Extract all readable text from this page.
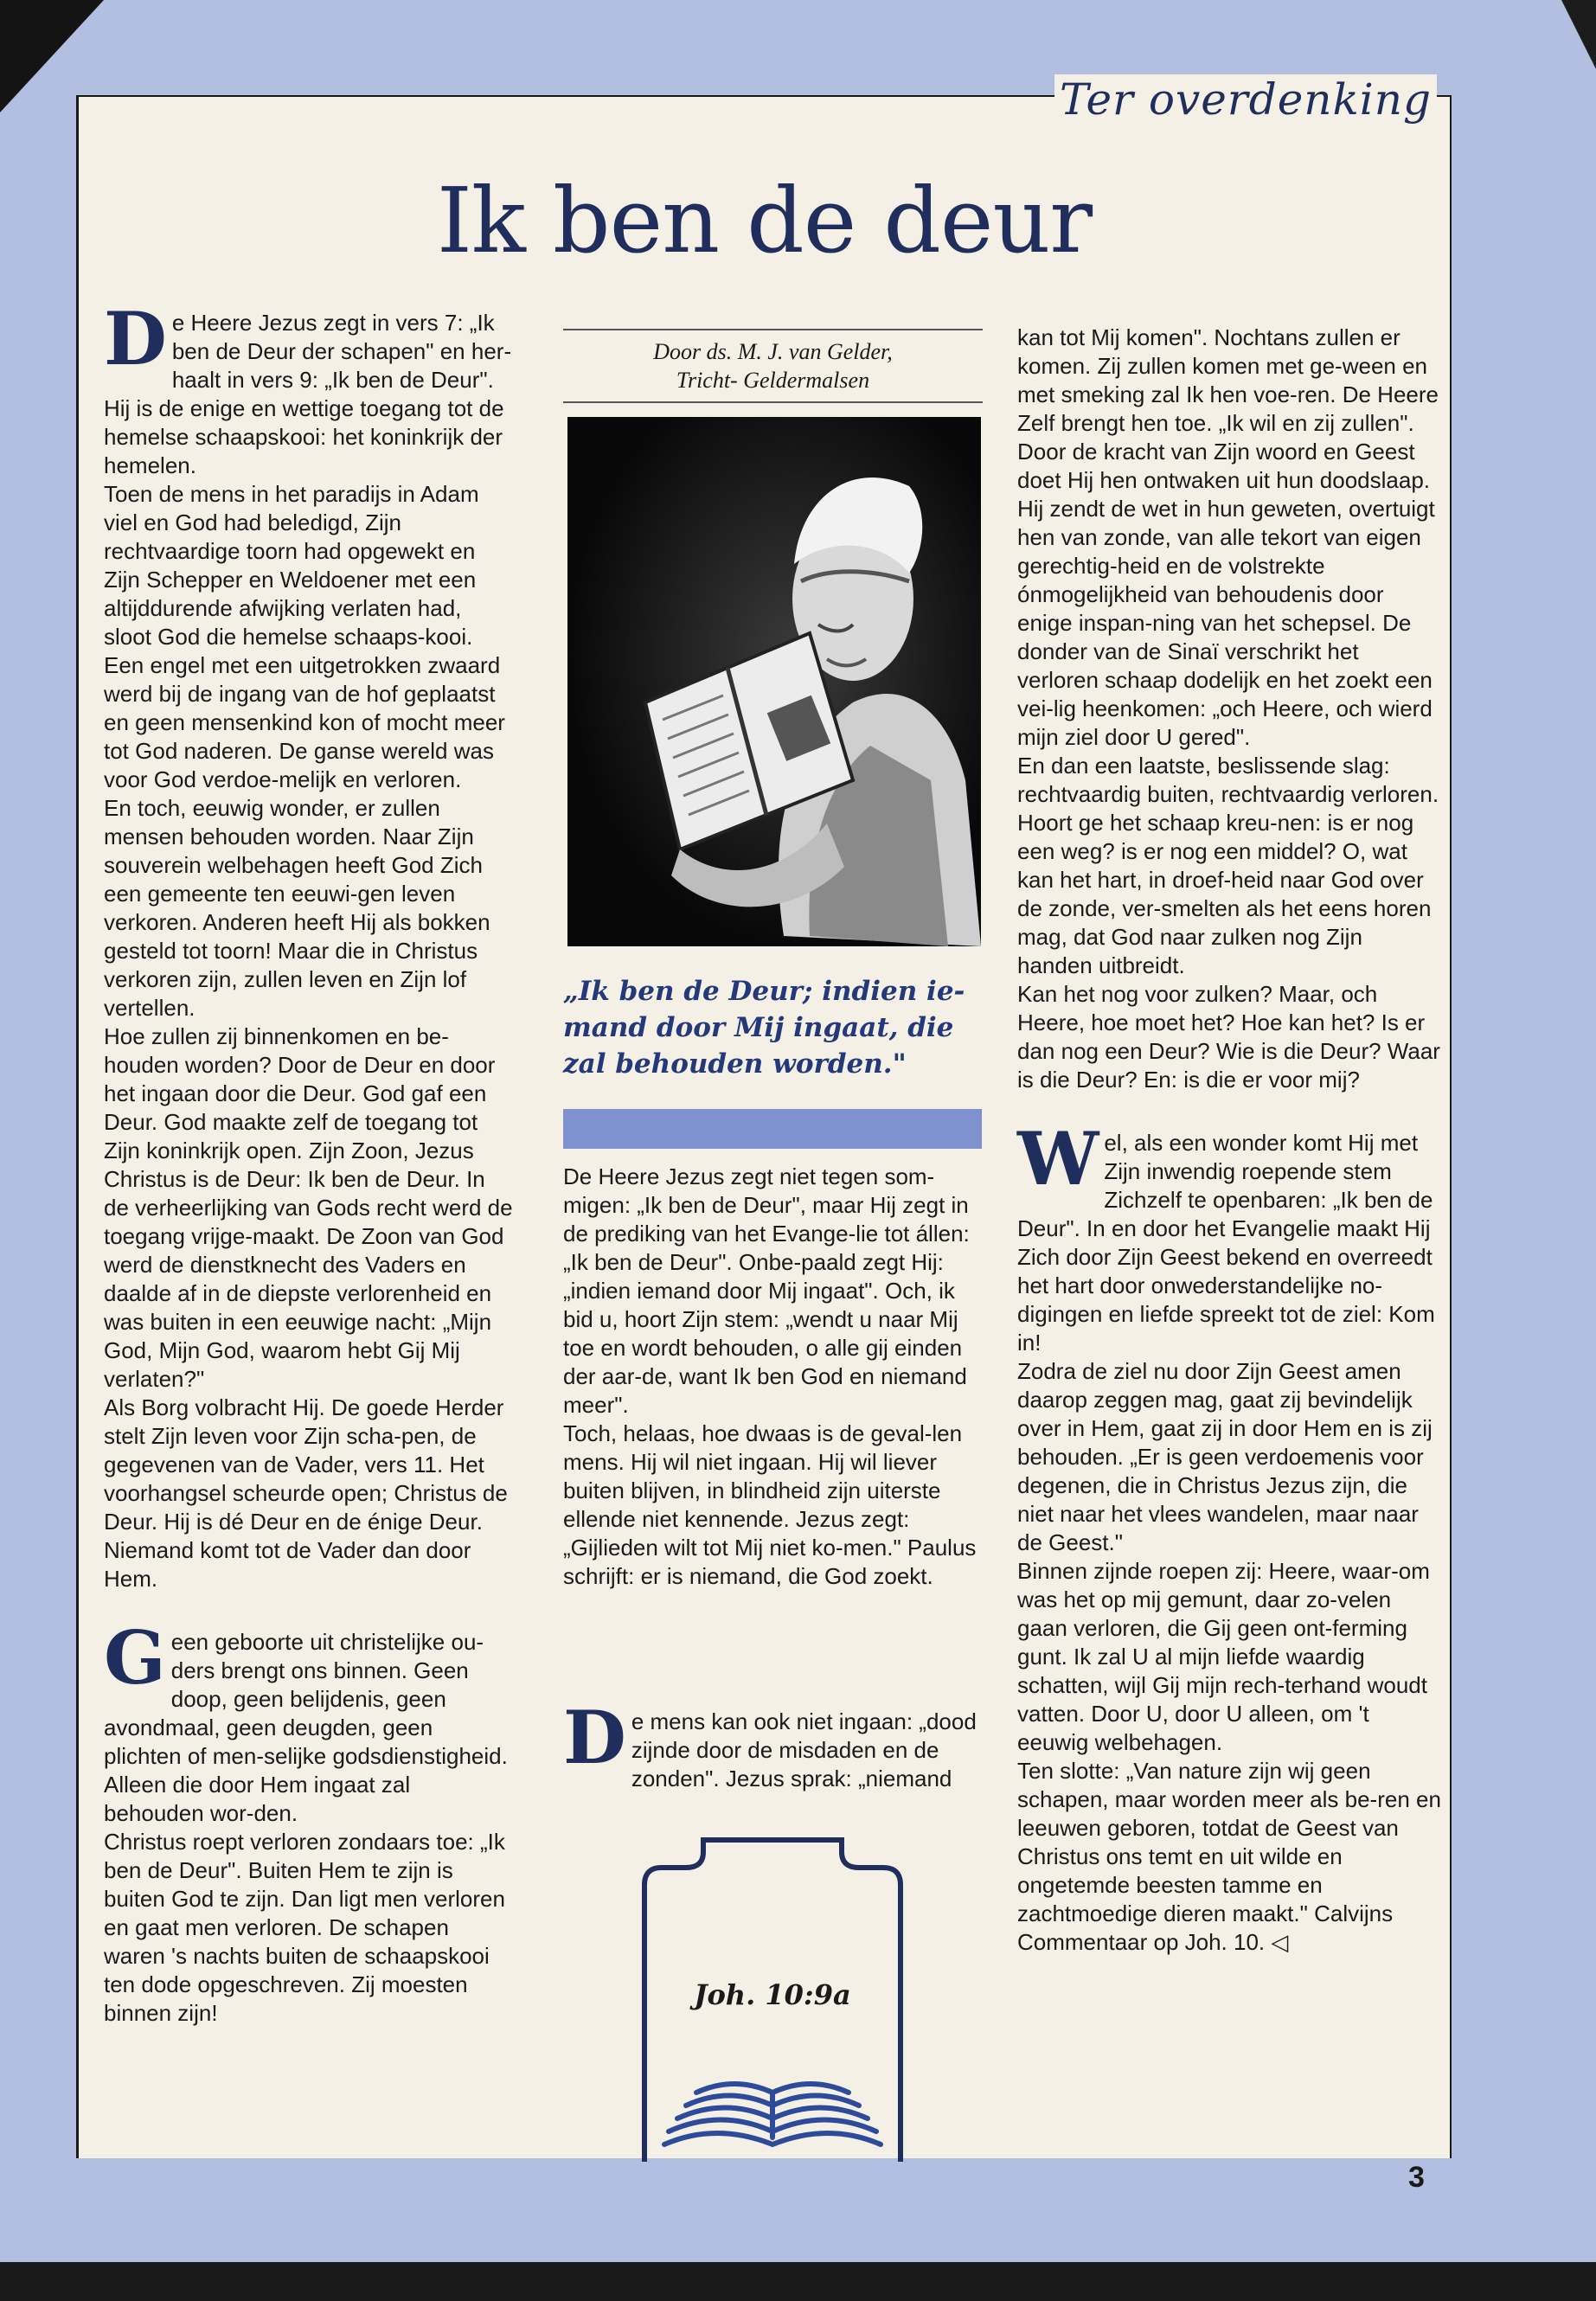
Ter overdenking
Ik ben de deur

De Heere Jezus zegt in vers 7: „Ik ben de Deur der schapen" en her-haalt in vers 9: „Ik ben de Deur". Hij is de enige en wettige toegang tot de hemelse schaapskooi: het koninkrijk der hemelen.

Toen de mens in het paradijs in Adam viel en God had beledigd, Zijn rechtvaardige toorn had opgewekt en Zijn Schepper en Weldoener met een altijddurende afwijking verlaten had, sloot God die hemelse schaaps-kooi. Een engel met een uitgetrokken zwaard werd bij de ingang van de hof geplaatst en geen mensenkind kon of mocht meer tot God naderen. De ganse wereld was voor God verdoe-melijk en verloren.

En toch, eeuwig wonder, er zullen mensen behouden worden. Naar Zijn souverein welbehagen heeft God Zich een gemeente ten eeuwi-gen leven verkoren. Anderen heeft Hij als bokken gesteld tot toorn! Maar die in Christus verkoren zijn, zullen leven en Zijn lof vertellen.

Hoe zullen zij binnenkomen en be-houden worden? Door de Deur en door het ingaan door die Deur. God gaf een Deur. God maakte zelf de toegang tot Zijn koninkrijk open. Zijn Zoon, Jezus Christus is de Deur: Ik ben de Deur. In de verheerlijking van Gods recht werd de toegang vrijge-maakt. De Zoon van God werd de dienstknecht des Vaders en daalde af in de diepste verlorenheid en was buiten in een eeuwige nacht: „Mijn God, Mijn God, waarom hebt Gij Mij verlaten?"

Als Borg volbracht Hij. De goede Herder stelt Zijn leven voor Zijn scha-pen, de gegevenen van de Vader, vers 11. Het voorhangsel scheurde open; Christus de Deur. Hij is dé Deur en de énige Deur. Niemand komt tot de Vader dan door Hem.

Geen geboorte uit christelijke ou-ders brengt ons binnen. Geen doop, geen belijdenis, geen avondmaal, geen deugden, geen plichten of men-selijke godsdienstigheid. Alleen die door Hem ingaat zal behouden wor-den.

Christus roept verloren zondaars toe: „Ik ben de Deur". Buiten Hem te zijn is buiten God te zijn. Dan ligt men verloren en gaat men verloren. De schapen waren 's nachts buiten de schaapskooi ten dode opgeschreven. Zij moesten binnen zijn!

Door ds. M. J. van Gelder,
Tricht- Geldermalsen
„Ik ben de Deur; indien ie-mand door Mij ingaat, die zal behouden worden."

De Heere Jezus zegt niet tegen som-migen: „Ik ben de Deur", maar Hij zegt in de prediking van het Evange-lie tot állen: „Ik ben de Deur". Onbe-paald zegt Hij: „indien iemand door Mij ingaat". Och, ik bid u, hoort Zijn stem: „wendt u naar Mij toe en wordt behouden, o alle gij einden der aar-de, want Ik ben God en niemand meer".

Toch, helaas, hoe dwaas is de geval-len mens. Hij wil niet ingaan. Hij wil liever buiten blijven, in blindheid zijn uiterste ellende niet kennende. Jezus zegt: „Gijlieden wilt tot Mij niet ko-men." Paulus schrijft: er is niemand, die God zoekt.

De mens kan ook niet ingaan: „dood zijnde door de misdaden en de zonden". Jezus sprak: „niemand

Joh. 10:9a

kan tot Mij komen". Nochtans zullen er komen. Zij zullen komen met ge-ween en met smeking zal Ik hen voe-ren. De Heere Zelf brengt hen toe. „Ik wil en zij zullen".

Door de kracht van Zijn woord en Geest doet Hij hen ontwaken uit hun doodslaap. Hij zendt de wet in hun geweten, overtuigt hen van zonde, van alle tekort van eigen gerechtig-heid en de volstrekte ónmogelijkheid van behoudenis door enige inspan-ning van het schepsel. De donder van de Sinaï verschrikt het verloren schaap dodelijk en het zoekt een vei-lig heenkomen: „och Heere, och wierd mijn ziel door U gered".

En dan een laatste, beslissende slag: rechtvaardig buiten, rechtvaardig verloren. Hoort ge het schaap kreu-nen: is er nog een weg? is er nog een middel? O, wat kan het hart, in droef-heid naar God over de zonde, ver-smelten als het eens horen mag, dat God naar zulken nog Zijn handen uitbreidt.

Kan het nog voor zulken? Maar, och Heere, hoe moet het? Hoe kan het? Is er dan nog een Deur? Wie is die Deur? Waar is die Deur? En: is die er voor mij?

Wel, als een wonder komt Hij met Zijn inwendig roepende stem Zichzelf te openbaren: „Ik ben de Deur". In en door het Evangelie maakt Hij Zich door Zijn Geest bekend en overreedt het hart door onwederstandelijke no-digingen en liefde spreekt tot de ziel: Kom in!

Zodra de ziel nu door Zijn Geest amen daarop zeggen mag, gaat zij bevindelijk over in Hem, gaat zij in door Hem en is zij behouden. „Er is geen verdoemenis voor degenen, die in Christus Jezus zijn, die niet naar het vlees wandelen, maar naar de Geest."

Binnen zijnde roepen zij: Heere, waar-om was het op mij gemunt, daar zo-velen gaan verloren, die Gij geen ont-ferming gunt. Ik zal U al mijn liefde waardig schatten, wijl Gij mijn rech-terhand woudt vatten. Door U, door U alleen, om 't eeuwig welbehagen.

Ten slotte: „Van nature zijn wij geen schapen, maar worden meer als be-ren en leeuwen geboren, totdat de Geest van Christus ons temt en uit wilde en ongetemde beesten tamme en zachtmoedige dieren maakt." Calvijns Commentaar op Joh. 10. ◁

3
